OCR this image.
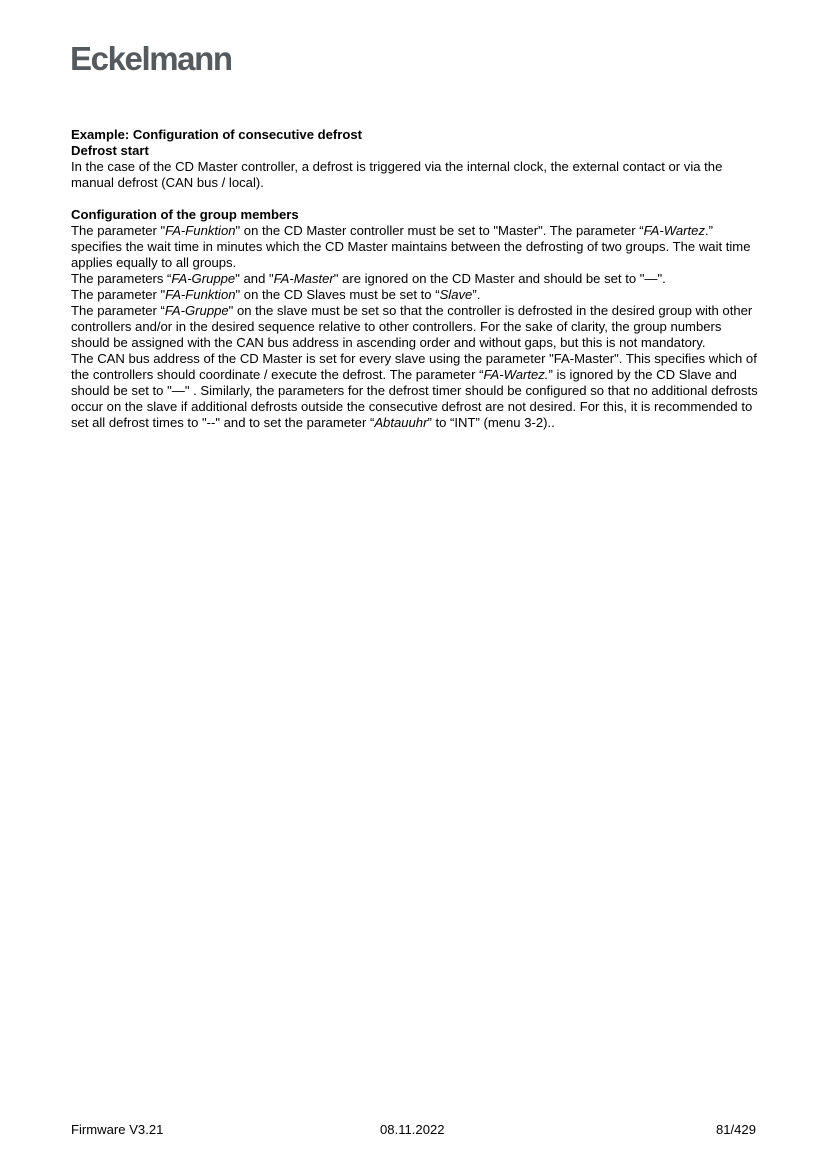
Eckelmann

Example: Configuration of consecutive defrost

Defrost start

In the case of the CD Master controller, a defrost is triggered via the internal clock, the external contact or via the manual defrost (CAN bus / local).

Configuration of the group members

The parameter "FA-Funktion" on the CD Master controller must be set to "Master". The parameter “FA-Wartez.” specifies the wait time in minutes which the CD Master maintains between the defrosting of two groups. The wait time applies equally to all groups.

The parameters “FA-Gruppe" and "FA-Master" are ignored on the CD Master and should be set to "—".

The parameter "FA-Funktion" on the CD Slaves must be set to “Slave”.

The parameter “FA-Gruppe" on the slave must be set so that the controller is defrosted in the desired group with other controllers and/or in the desired sequence relative to other controllers. For the sake of clarity, the group numbers should be assigned with the CAN bus address in ascending order and without gaps, but this is not mandatory.

The CAN bus address of the CD Master is set for every slave using the parameter "FA-Master". This specifies which of the controllers should coordinate / execute the defrost. The parameter “FA-Wartez.” is ignored by the CD Slave and should be set to "—" . Similarly, the parameters for the defrost timer should be configured so that no additional defrosts occur on the slave if additional defrosts outside the consecutive defrost are not desired. For this, it is recommended to set all defrost times to "--" and to set the parameter “Abtauuhr” to “INT” (menu 3-2)..

Firmware V3.21	08.11.2022	81/429
